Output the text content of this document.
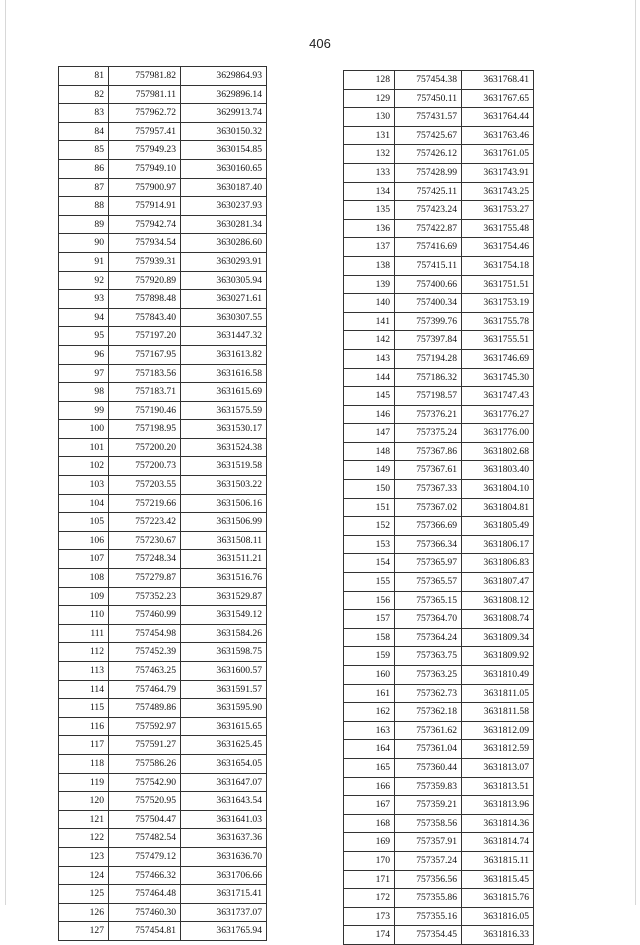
406
81	757981.82	3629864.93
82	757981.11	3629896.14
83	757962.72	3629913.74
84	757957.41	3630150.32
85	757949.23	3630154.85
86	757949.10	3630160.65
87	757900.97	3630187.40
88	757914.91	3630237.93
89	757942.74	3630281.34
90	757934.54	3630286.60
91	757939.31	3630293.91
92	757920.89	3630305.94
93	757898.48	3630271.61
94	757843.40	3630307.55
95	757197.20	3631447.32
96	757167.95	3631613.82
97	757183.56	3631616.58
98	757183.71	3631615.69
99	757190.46	3631575.59
100	757198.95	3631530.17
101	757200.20	3631524.38
102	757200.73	3631519.58
103	757203.55	3631503.22
104	757219.66	3631506.16
105	757223.42	3631506.99
106	757230.67	3631508.11
107	757248.34	3631511.21
108	757279.87	3631516.76
109	757352.23	3631529.87
110	757460.99	3631549.12
111	757454.98	3631584.26
112	757452.39	3631598.75
113	757463.25	3631600.57
114	757464.79	3631591.57
115	757489.86	3631595.90
116	757592.97	3631615.65
117	757591.27	3631625.45
118	757586.26	3631654.05
119	757542.90	3631647.07
120	757520.95	3631643.54
121	757504.47	3631641.03
122	757482.54	3631637.36
123	757479.12	3631636.70
124	757466.32	3631706.66
125	757464.48	3631715.41
126	757460.30	3631737.07
127	757454.81	3631765.94
128	757454.38	3631768.41
129	757450.11	3631767.65
130	757431.57	3631764.44
131	757425.67	3631763.46
132	757426.12	3631761.05
133	757428.99	3631743.91
134	757425.11	3631743.25
135	757423.24	3631753.27
136	757422.87	3631755.48
137	757416.69	3631754.46
138	757415.11	3631754.18
139	757400.66	3631751.51
140	757400.34	3631753.19
141	757399.76	3631755.78
142	757397.84	3631755.51
143	757194.28	3631746.69
144	757186.32	3631745.30
145	757198.57	3631747.43
146	757376.21	3631776.27
147	757375.24	3631776.00
148	757367.86	3631802.68
149	757367.61	3631803.40
150	757367.33	3631804.10
151	757367.02	3631804.81
152	757366.69	3631805.49
153	757366.34	3631806.17
154	757365.97	3631806.83
155	757365.57	3631807.47
156	757365.15	3631808.12
157	757364.70	3631808.74
158	757364.24	3631809.34
159	757363.75	3631809.92
160	757363.25	3631810.49
161	757362.73	3631811.05
162	757362.18	3631811.58
163	757361.62	3631812.09
164	757361.04	3631812.59
165	757360.44	3631813.07
166	757359.83	3631813.51
167	757359.21	3631813.96
168	757358.56	3631814.36
169	757357.91	3631814.74
170	757357.24	3631815.11
171	757356.56	3631815.45
172	757355.86	3631815.76
173	757355.16	3631816.05
174	757354.45	3631816.33
